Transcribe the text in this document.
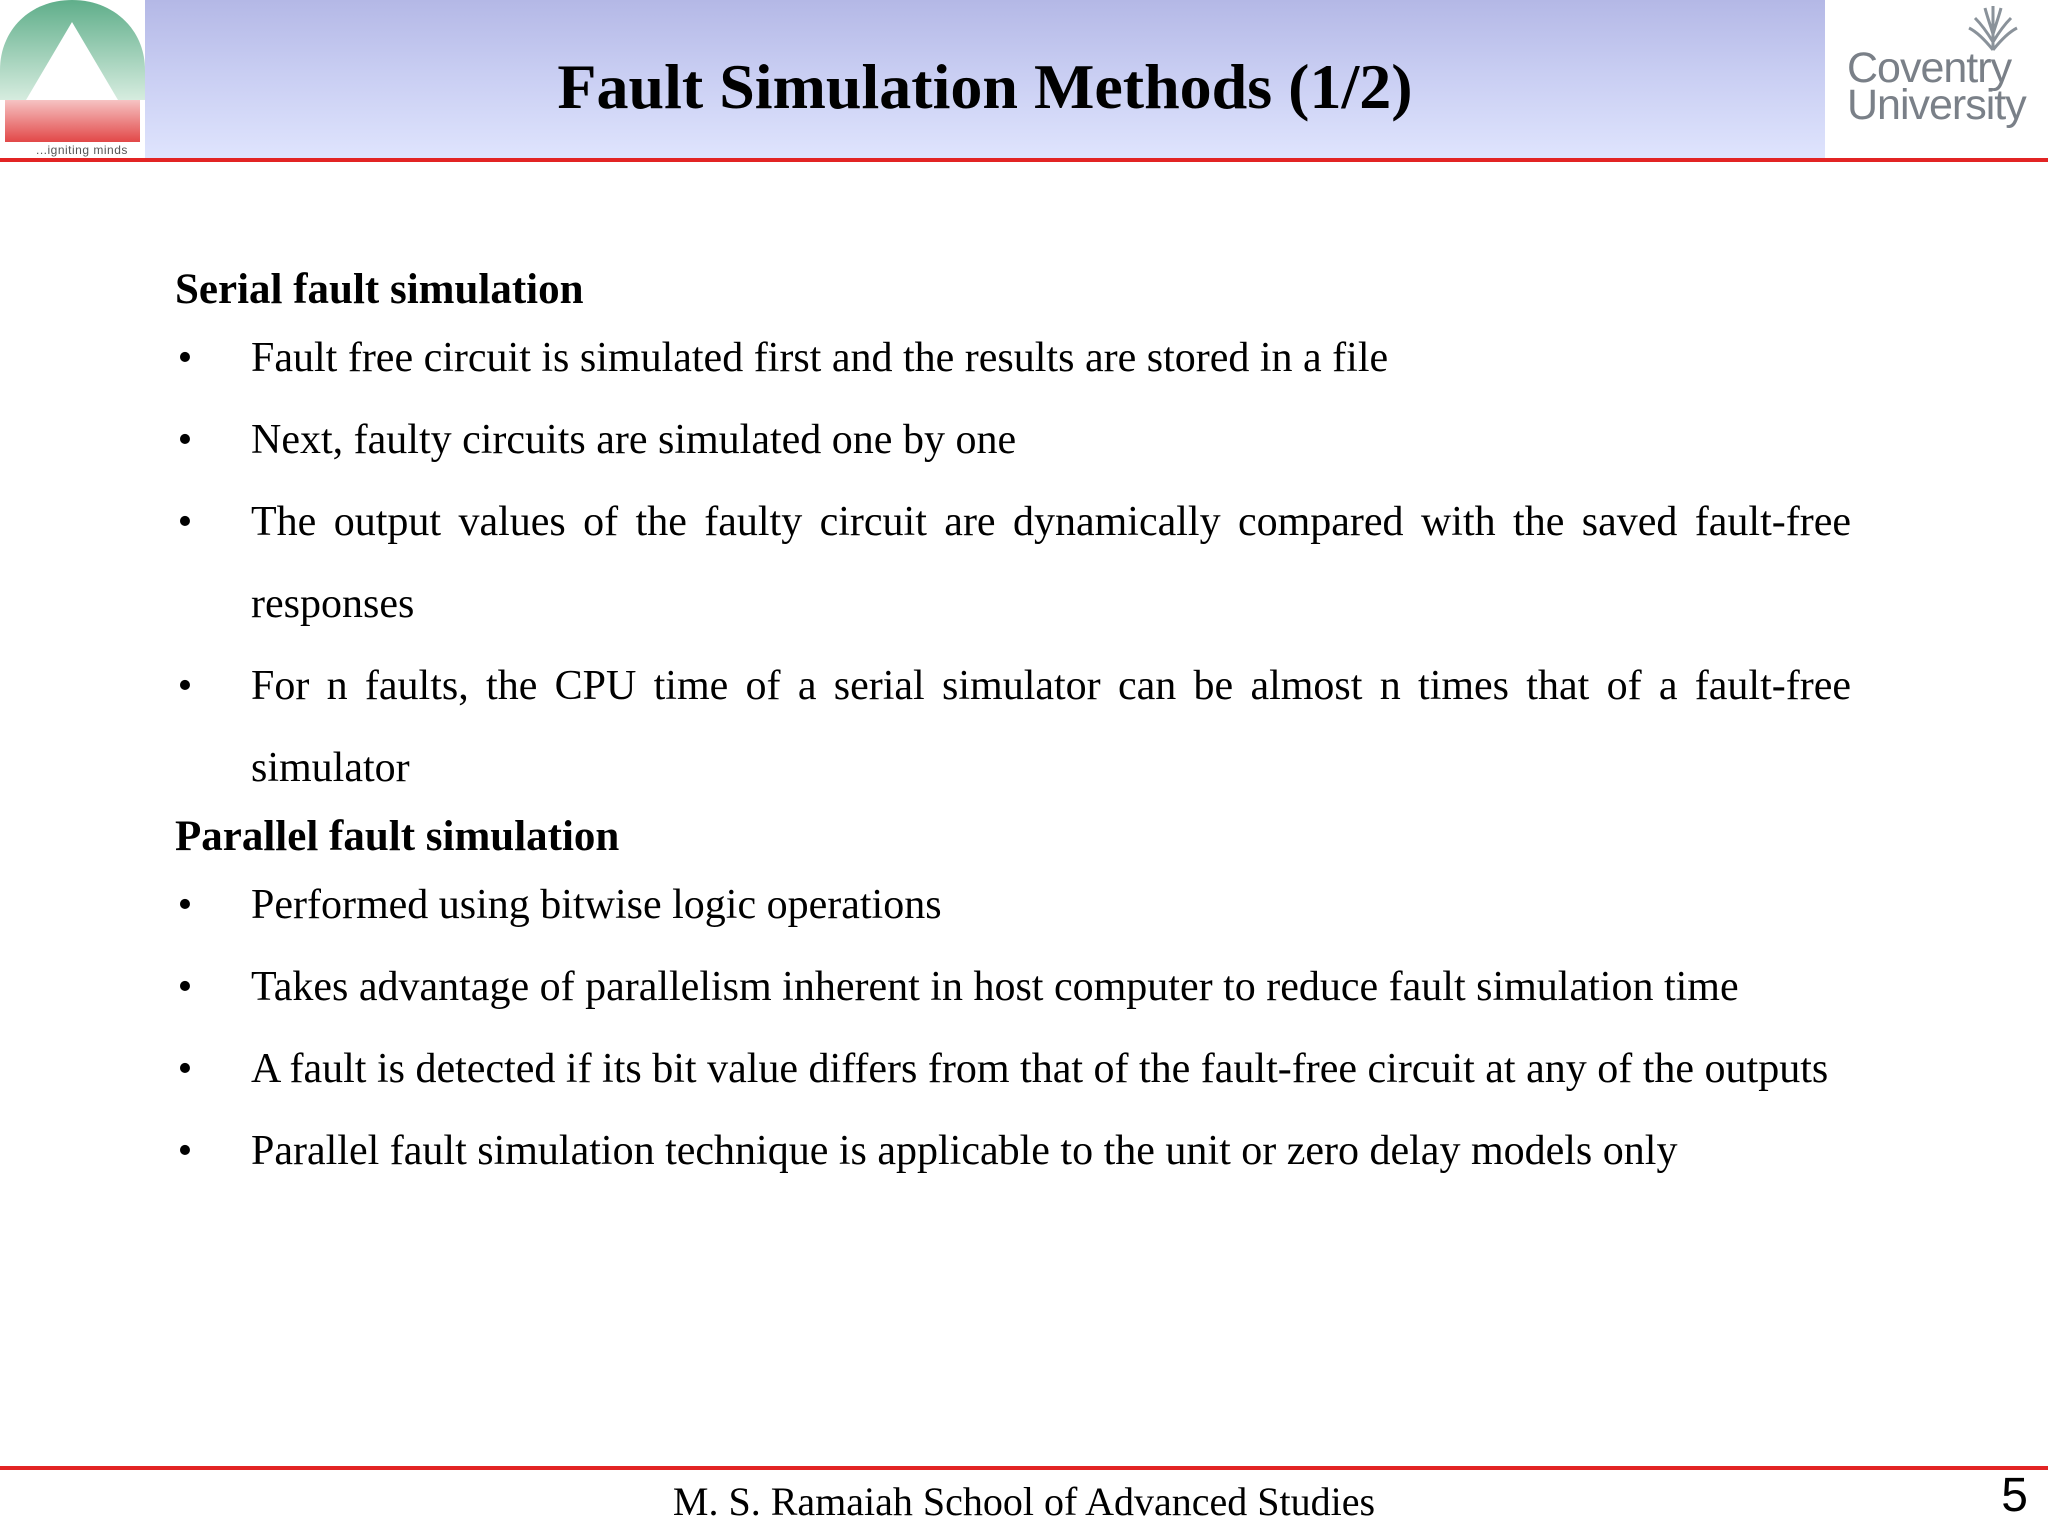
...igniting minds
Fault Simulation Methods (1/2)	Coventry
University

Serial fault simulation

• Fault free circuit is simulated first and the results are stored in a file
• Next, faulty circuits are simulated one by one
• The output values of the faulty circuit are dynamically compared with the saved fault-free responses
• For n faults, the CPU time of a serial simulator can be almost n times that of a fault-free simulator

Parallel fault simulation

• Performed using bitwise logic operations
• Takes advantage of parallelism inherent in host computer to reduce fault simulation time
• A fault is detected if its bit value differs from that of the fault-free circuit at any of the outputs
• Parallel fault simulation technique is applicable to the unit or zero delay models only
M. S. Ramaiah School of Advanced Studies	5
